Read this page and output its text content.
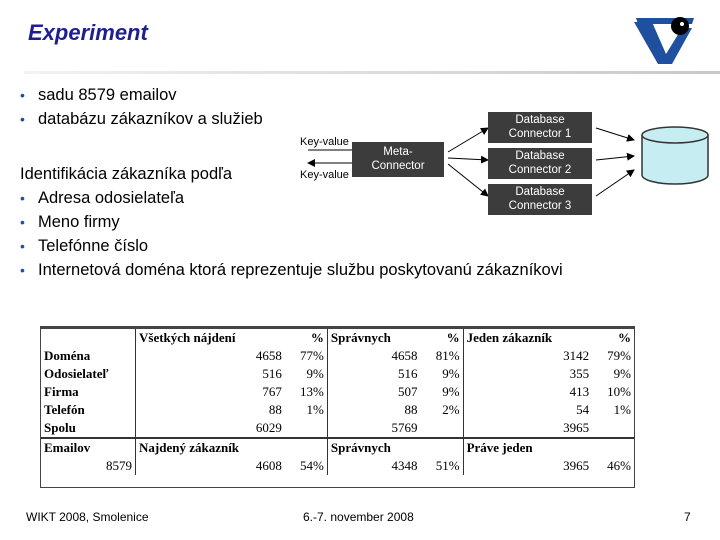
Experiment
• sadu 8579 emailov
• databázu zákazníkov a služieb
Identifikácia zákazníka podľa
• Adresa odosielateľa
• Meno firmy
• Telefónne číslo
• Internetová doména ktorá reprezentuje službu poskytovanú zákazníkovi
Key-value
Key-value
Meta-
Connector
Database
Connector 1
Database
Connector 2
Database
Connector 3
	Všetkých nájdení	%	Správnych	%	Jeden zákazník	%
Doména	4658	77%	4658	81%	3142	79%
Odosielateľ	516	9%	516	9%	355	9%
Firma	767	13%	507	9%	413	10%
Telefón	88	1%	88	2%	54	1%
Spolu	6029		5769		3965	
Emailov	Najdený zákazník		Správnych		Práve jeden	
8579	4608	54%	4348	51%	3965	46%
WIKT 2008, Smolenice	6.-7. november 2008	7
